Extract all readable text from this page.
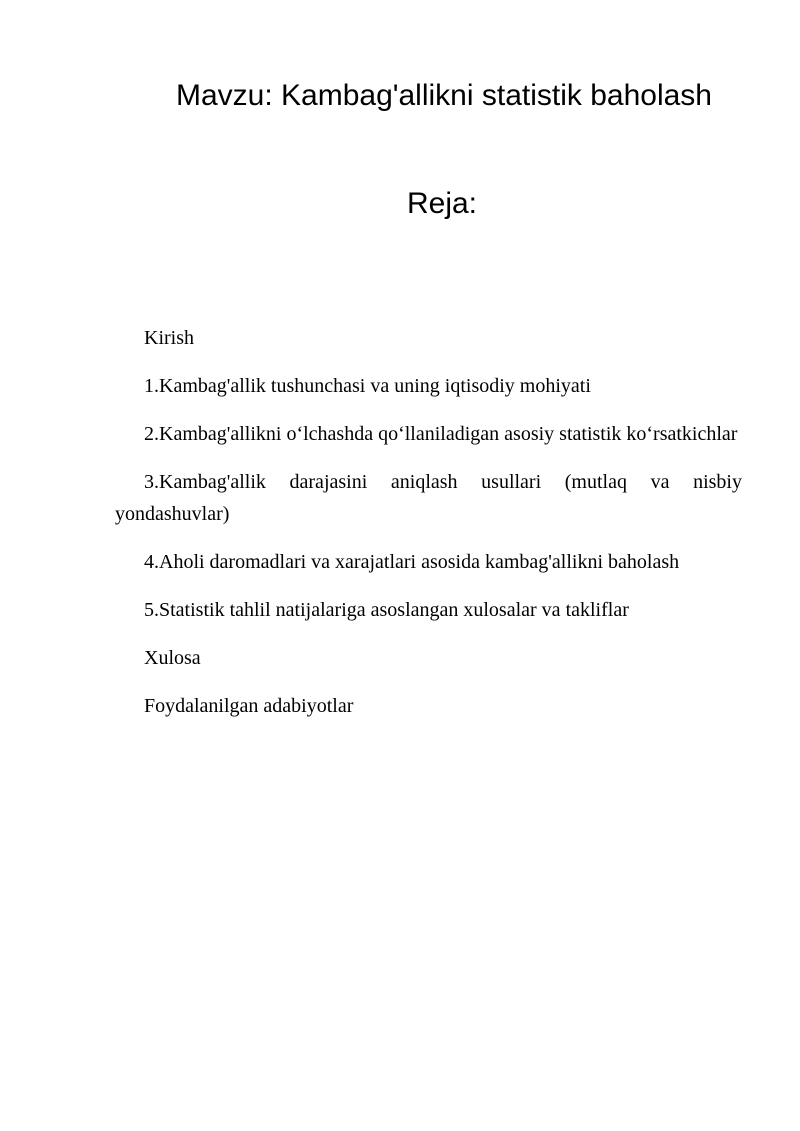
Mavzu: Kambag'allikni statistik baholash
Reja:
Kirish
1.Kambag'allik tushunchasi va uning iqtisodiy mohiyati
2.Kambag'allikni o‘lchashda qo‘llaniladigan asosiy statistik ko‘rsatkichlar
3.Kambag'allik darajasini aniqlash usullari (mutlaq va nisbiy yondashuvlar)
4.Aholi daromadlari va xarajatlari asosida kambag'allikni baholash
5.Statistik tahlil natijalariga asoslangan xulosalar va takliflar
Xulosa
Foydalanilgan adabiyotlar
